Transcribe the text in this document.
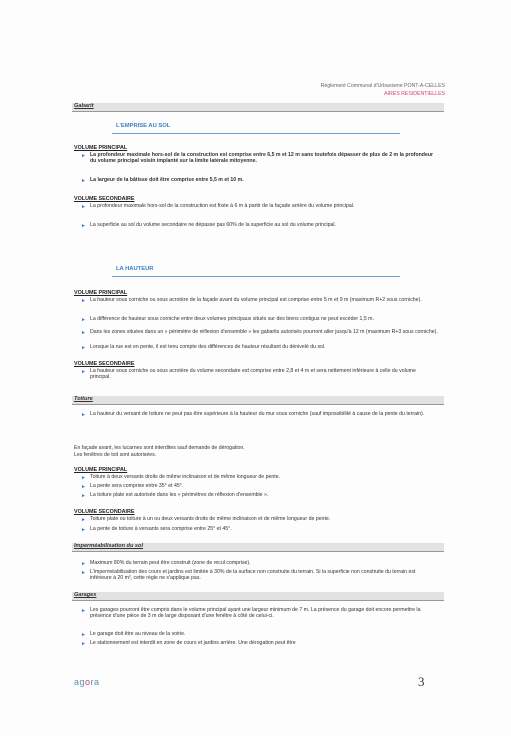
Règlement Communal d'Urbanisme PONT-A-CELLES
AIRES RESIDENTIELLES
Gabarit
L'EMPRISE AU SOL
VOLUME PRINCIPAL
► La profondeur maximale hors-sol de la construction est comprise entre 6,5 m et 12 m sans toutefois dépasser de plus de 2 m la profondeur du volume principal voisin implanté sur la limite latérale mitoyenne.
► La largeur de la bâtisse doit être comprise entre 5,5 m et 10 m.
VOLUME SECONDAIRE
► La profondeur maximale hors-sol de la construction est fixée à 6 m à partir de la façade arrière du volume principal.
► La superficie au sol du volume secondaire ne dépasse pas 60% de la superficie au sol du volume principal.
LA HAUTEUR
VOLUME PRINCIPAL
► La hauteur sous corniche ou sous acrotère de la façade avant du volume principal est comprise entre 5 m et 9 m (maximum R+2 sous corniche).
► La différence de hauteur sous corniche entre deux volumes principaux situés sur des biens contigus ne peut excéder 1,5 m.
► Dans les zones situées dans un « périmètre de réflexion d'ensemble » les gabarits autorisés pourront aller jusqu'à 12 m (maximum R+3 sous corniche).
► Lorsque la rue est en pente, il est tenu compte des différences de hauteur résultant du dénivelé du sol.
VOLUME SECONDAIRE
► La hauteur sous corniche ou sous acrotère du volume secondaire est comprise entre 2,8 et 4 m et sera nettement inférieure à celle du volume principal.
Toiture
► La hauteur du versant de toiture ne peut pas être supérieure à la hauteur du mur sous corniche (sauf impossibilité à cause de la pente du terrain).
En façade avant, les lucarnes sont interdites sauf demande de dérogation.
Les fenêtres de toit sont autorisées.
VOLUME PRINCIPAL
► Toiture à deux versants droits de même inclinaison et de même longueur de pente.
► La pente sera comprise entre 35° et 45°.
► La toiture plate est autorisée dans les « périmètres de réflexion d'ensemble ».
VOLUME SECONDAIRE
► Toiture plate ou toiture à un ou deux versants droits de même inclinaison et de même longueur de pente.
► La pente de toiture à versants sera comprise entre 25° et 45°.
Imperméabilisation du sol
► Maximum 80% du terrain peut être construit (zone de recul comprise).
► L'imperméabilisation des cours et jardins est limitée à 30% de la surface non construite du terrain. Si la superficie non construite du terrain est inférieure à 20 m², cette règle ne s'applique pas.
Garages
► Les garages pourront être compris dans le volume principal ayant une largeur minimum de 7 m. La présence du garage doit encore permettre la présence d'une pièce de 3 m de large disposant d'une fenêtre à côté de celui-ci.
► Le garage doit être au niveau de la voirie.
► Le stationnement est interdit en zone de cours et jardins arrière. Une dérogation peut être
agora	3
